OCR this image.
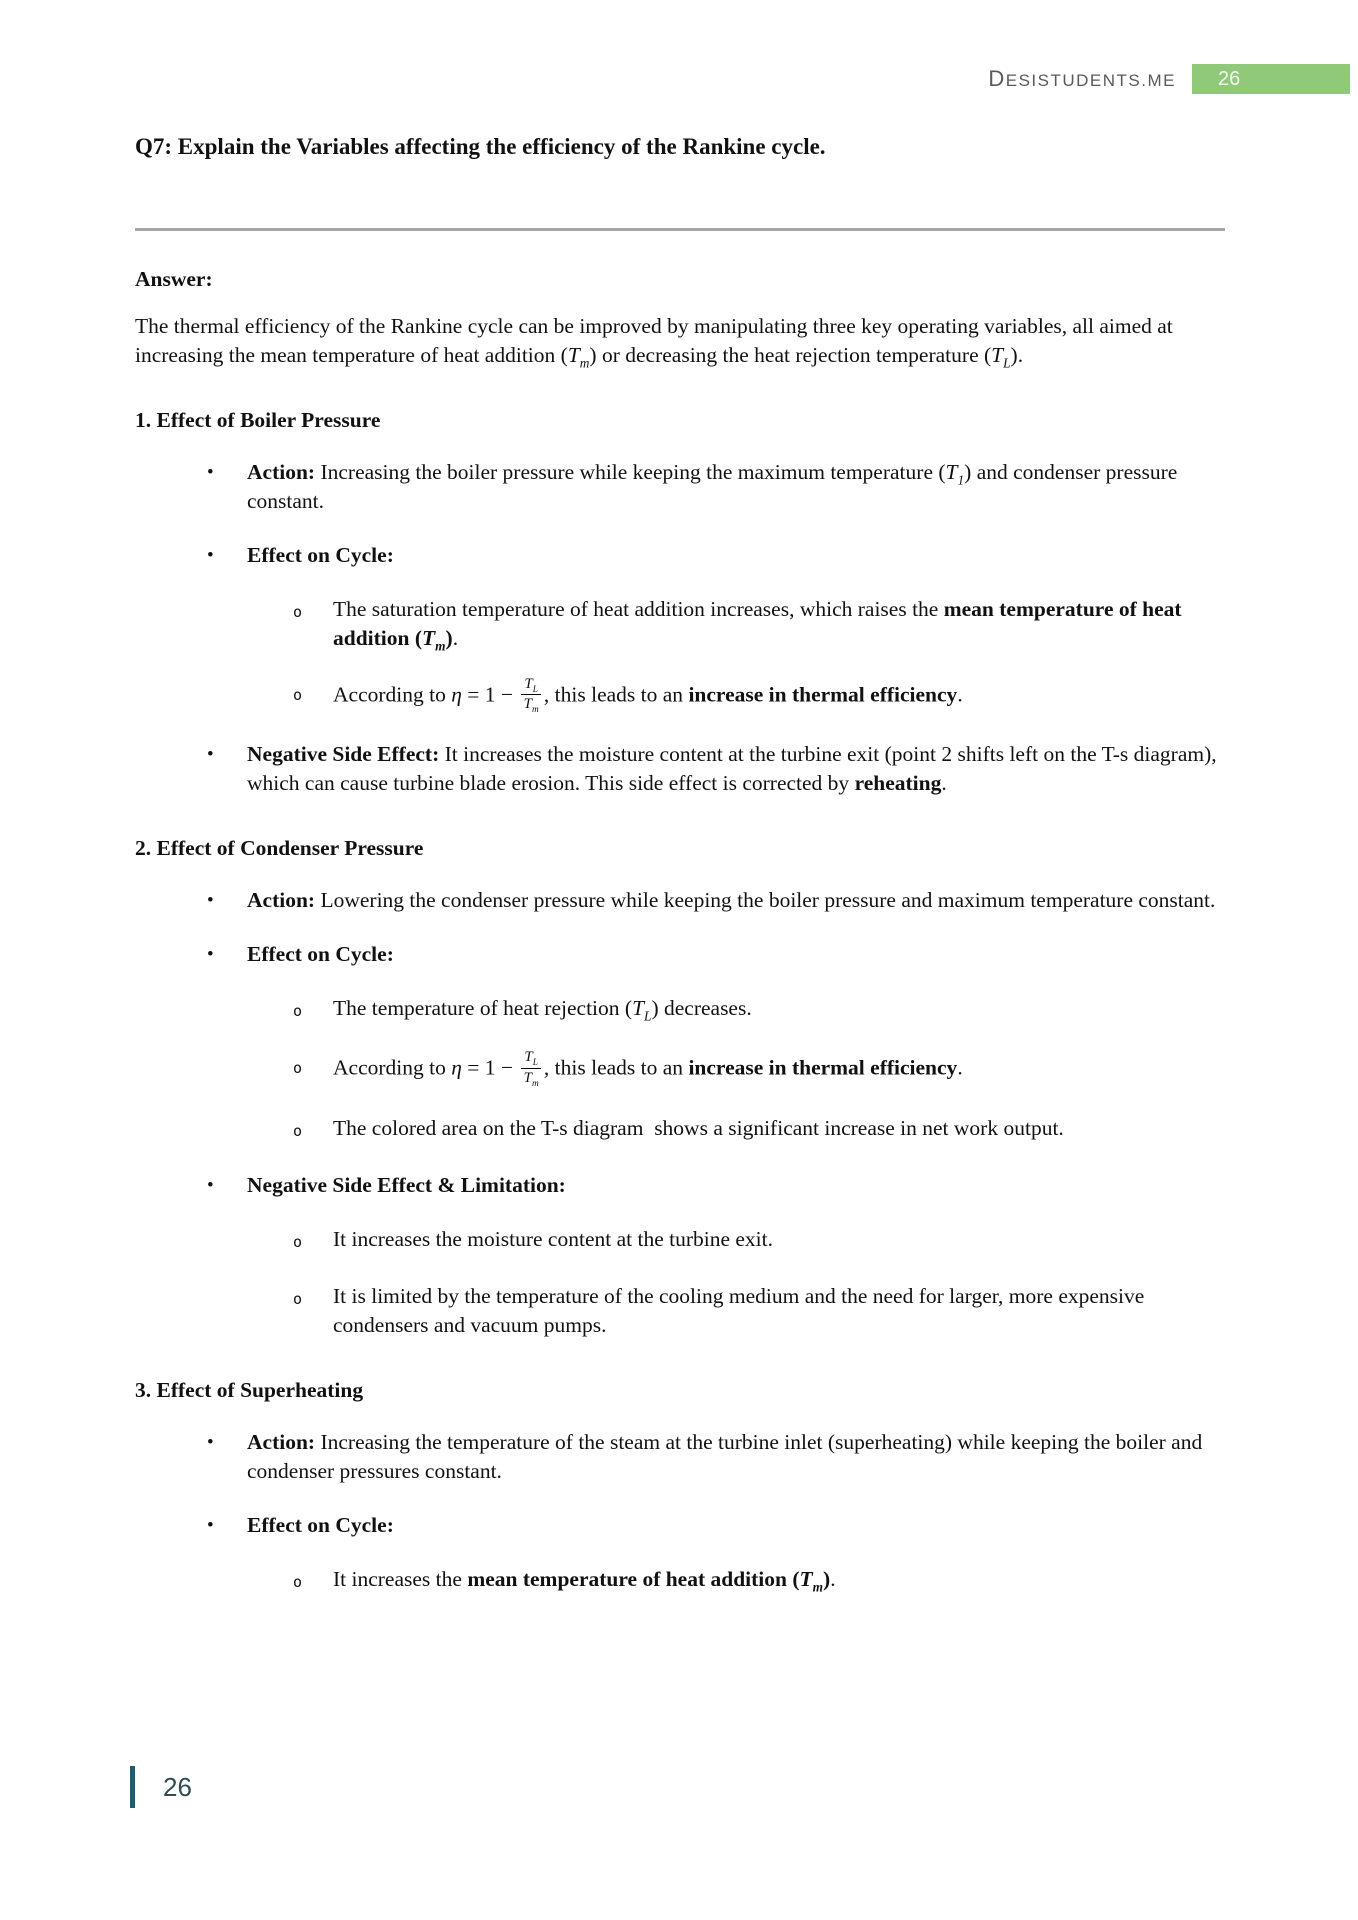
DESISTUDENTS.ME	26
Q7: Explain the Variables affecting the efficiency of the Rankine cycle.

Answer:

The thermal efficiency of the Rankine cycle can be improved by manipulating three key operating variables, all aimed at increasing the mean temperature of heat addition $(T_m)$ or decreasing the heat rejection temperature $(T_L)$.

1. Effect of Boiler Pressure
•	Action: Increasing the boiler pressure while keeping the maximum temperature $(T_1)$ and condenser pressure constant.
•	Effect on Cycle:
o	The saturation temperature of heat addition increases, which raises the mean temperature of heat addition $(T_m)$.
o	According to $\eta = 1 - \frac{T_L}{T_m}$ , this leads to an increase in thermal efficiency.
•	Negative Side Effect: It increases the moisture content at the turbine exit (point 2 shifts left on the T-s diagram), which can cause turbine blade erosion. This side effect is corrected by reheating.
2. Effect of Condenser Pressure
•	Action: Lowering the condenser pressure while keeping the boiler pressure and maximum temperature constant.
•	Effect on Cycle:
o	The temperature of heat rejection $(T_L)$ decreases.
o	According to $\eta = 1 - \frac{T_L}{T_m}$ , this leads to an increase in thermal efficiency.
o	The colored area on the T-s diagram  shows a significant increase in net work output.
•	Negative Side Effect & Limitation:
o	It increases the moisture content at the turbine exit.
o	It is limited by the temperature of the cooling medium and the need for larger, more expensive condensers and vacuum pumps.
3. Effect of Superheating
•	Action: Increasing the temperature of the steam at the turbine inlet (superheating) while keeping the boiler and condenser pressures constant.
•	Effect on Cycle:
o	It increases the mean temperature of heat addition $(T_m)$.
26
